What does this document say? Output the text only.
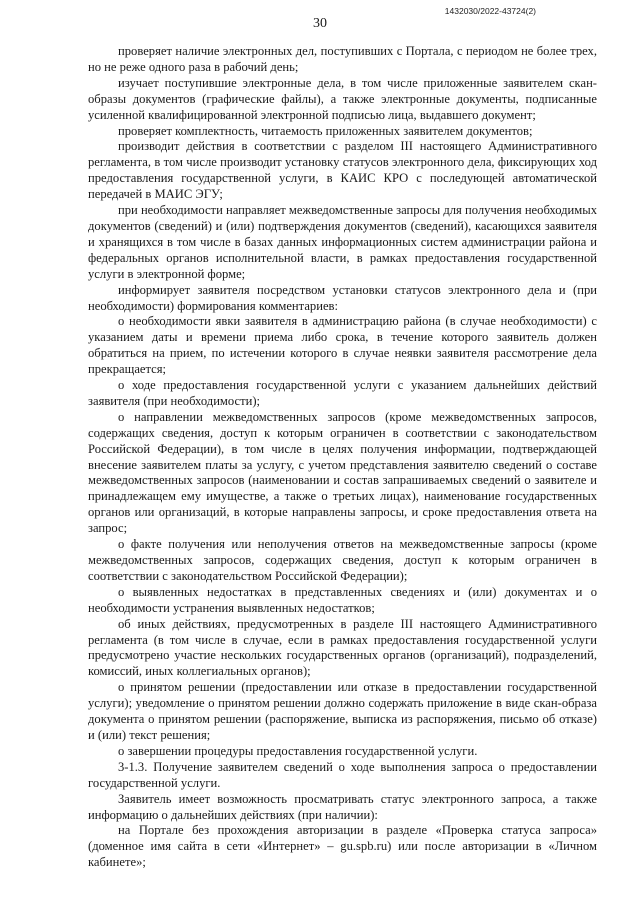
1432030/2022-43724(2)
30

проверяет наличие электронных дел, поступивших с Портала, с периодом не более трех, но не реже одного раза в рабочий день;

изучает поступившие электронные дела, в том числе приложенные заявителем скан-образы документов (графические файлы), а также электронные документы, подписанные усиленной квалифицированной электронной подписью лица, выдавшего документ;

проверяет комплектность, читаемость приложенных заявителем документов;

производит действия в соответствии с разделом III настоящего Административного регламента, в том числе производит установку статусов электронного дела, фиксирующих ход предоставления государственной услуги, в КАИС КРО с последующей автоматической передачей в МАИС ЭГУ;

при необходимости направляет межведомственные запросы для получения необходимых документов (сведений) и (или) подтверждения документов (сведений), касающихся заявителя и хранящихся в том числе в базах данных информационных систем администрации района и федеральных органов исполнительной власти, в рамках предоставления государственной услуги в электронной форме;

информирует заявителя посредством установки статусов электронного дела и (при необходимости) формирования комментариев:

о необходимости явки заявителя в администрацию района (в случае необходимости) с указанием даты и времени приема либо срока, в течение которого заявитель должен обратиться на прием, по истечении которого в случае неявки заявителя рассмотрение дела прекращается;

о ходе предоставления государственной услуги с указанием дальнейших действий заявителя (при необходимости);

о направлении межведомственных запросов (кроме межведомственных запросов, содержащих сведения, доступ к которым ограничен в соответствии с законодательством Российской Федерации), в том числе в целях получения информации, подтверждающей внесение заявителем платы за услугу, с учетом представления заявителю сведений о составе межведомственных запросов (наименовании и состав запрашиваемых сведений о заявителе и принадлежащем ему имуществе, а также о третьих лицах), наименование государственных органов или организаций, в которые направлены запросы, и сроке предоставления ответа на запрос;

о факте получения или неполучения ответов на межведомственные запросы (кроме межведомственных запросов, содержащих сведения, доступ к которым ограничен в соответствии с законодательством Российской Федерации);

о выявленных недостатках в представленных сведениях и (или) документах и о необходимости устранения выявленных недостатков;

об иных действиях, предусмотренных в разделе III настоящего Административного регламента (в том числе в случае, если в рамках предоставления государственной услуги предусмотрено участие нескольких государственных органов (организаций), подразделений, комиссий, иных коллегиальных органов);

о принятом решении (предоставлении или отказе в предоставлении государственной услуги); уведомление о принятом решении должно содержать приложение в виде скан-образа документа о принятом решении (распоряжение, выписка из распоряжения, письмо об отказе) и (или) текст решения;

о завершении процедуры предоставления государственной услуги.

3-1.3. Получение заявителем сведений о ходе выполнения запроса о предоставлении государственной услуги.

Заявитель имеет возможность просматривать статус электронного запроса, а также информацию о дальнейших действиях (при наличии):

на Портале без прохождения авторизации в разделе «Проверка статуса запроса» (доменное имя сайта в сети «Интернет» – gu.spb.ru) или после авторизации в «Личном кабинете»;
